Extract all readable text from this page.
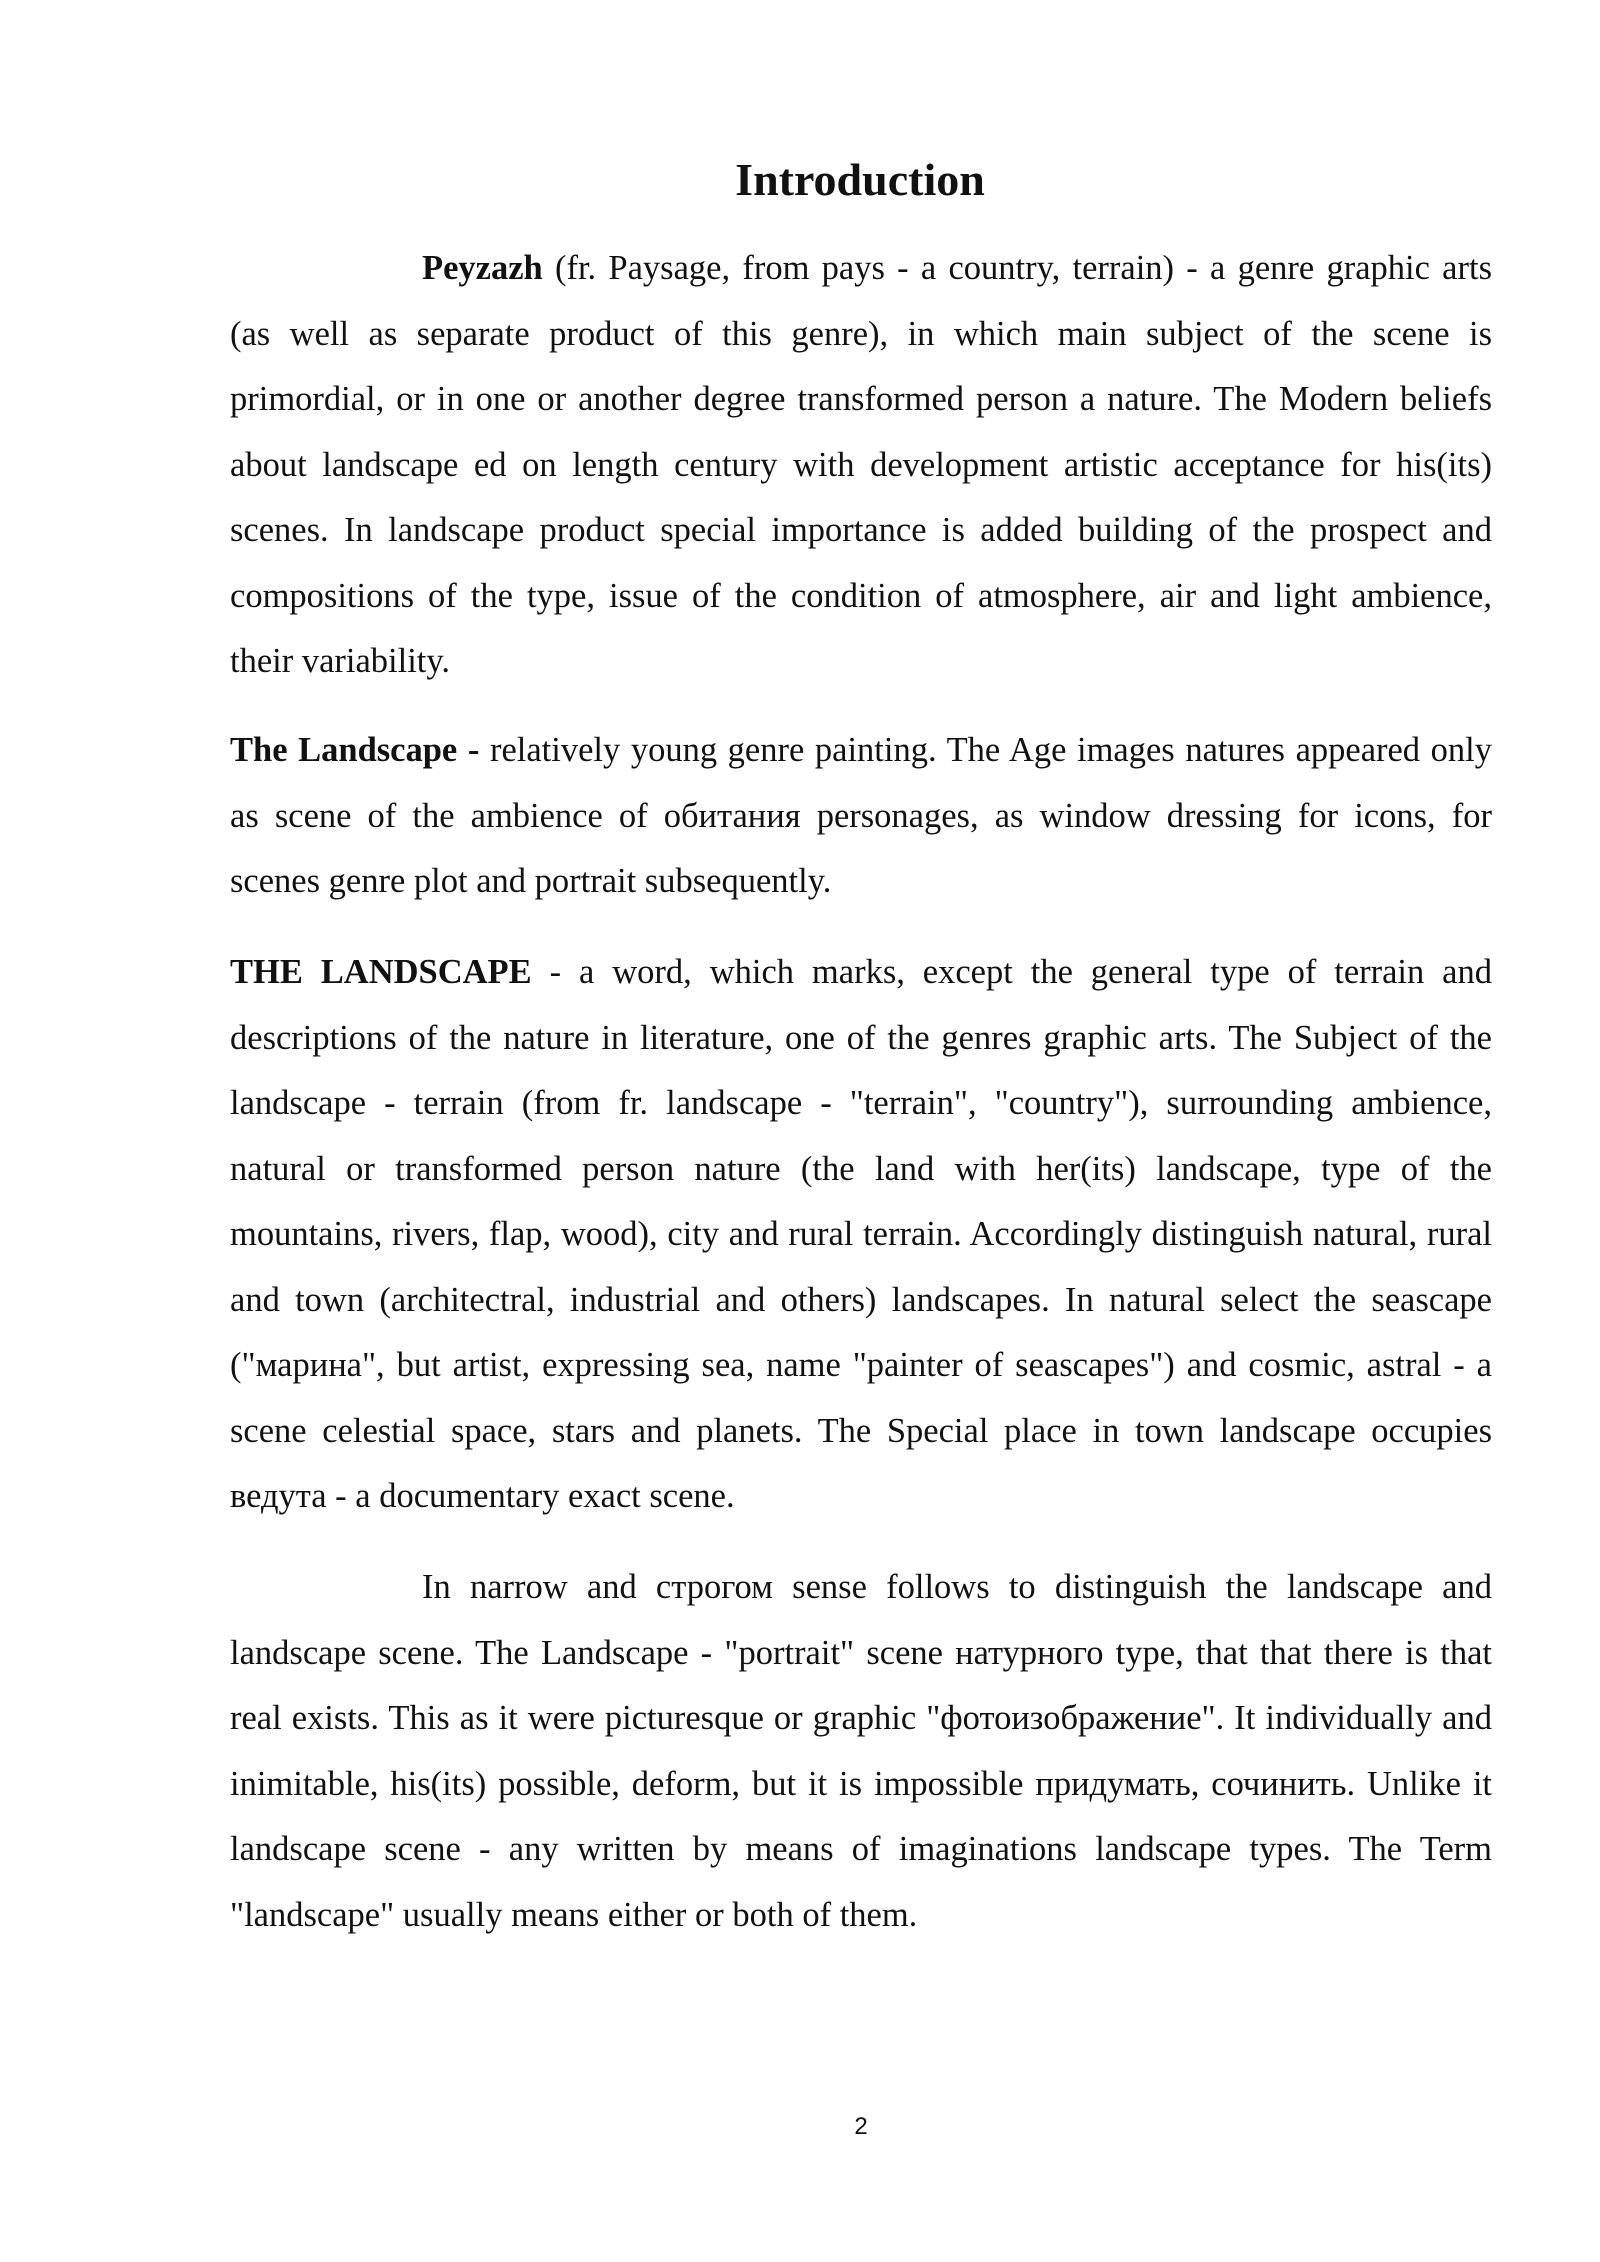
Introduction

Peyzazh (fr. Paysage, from pays - a country, terrain) - a genre graphic arts (as well as separate product of this genre), in which main subject of the scene is primordial, or in one or another degree transformed person a nature. The Modern beliefs about landscape ed on length century with development artistic acceptance for his(its) scenes. In landscape product special importance is added building of the prospect and compositions of the type, issue of the condition of atmosphere, air and light ambience, their variability.

The Landscape - relatively young genre painting. The Age images natures appeared only as scene of the ambience of обитания personages, as window dressing for icons, for scenes genre plot and portrait subsequently.

THE LANDSCAPE - a word, which marks, except the general type of terrain and descriptions of the nature in literature, one of the genres graphic arts. The Subject of the landscape - terrain (from fr. landscape - "terrain", "country"), surrounding ambience, natural or transformed person nature (the land with her(its) landscape, type of the mountains, rivers, flap, wood), city and rural terrain. Accordingly distinguish natural, rural and town (architectral, industrial and others) landscapes. In natural select the seascape ("марина", but artist, expressing sea, name "painter of seascapes") and cosmic, astral - a scene celestial space, stars and planets. The Special place in town landscape occupies ведута - a documentary exact scene.

In narrow and строгом sense follows to distinguish the landscape and landscape scene. The Landscape - "portrait" scene натурного type, that that there is that real exists. This as it were picturesque or graphic "фотоизображение". It individually and inimitable, his(its) possible, deform, but it is impossible придумать, сочинить. Unlike it landscape scene - any written by means of imaginations landscape types. The Term "landscape" usually means either or both of them.

2
